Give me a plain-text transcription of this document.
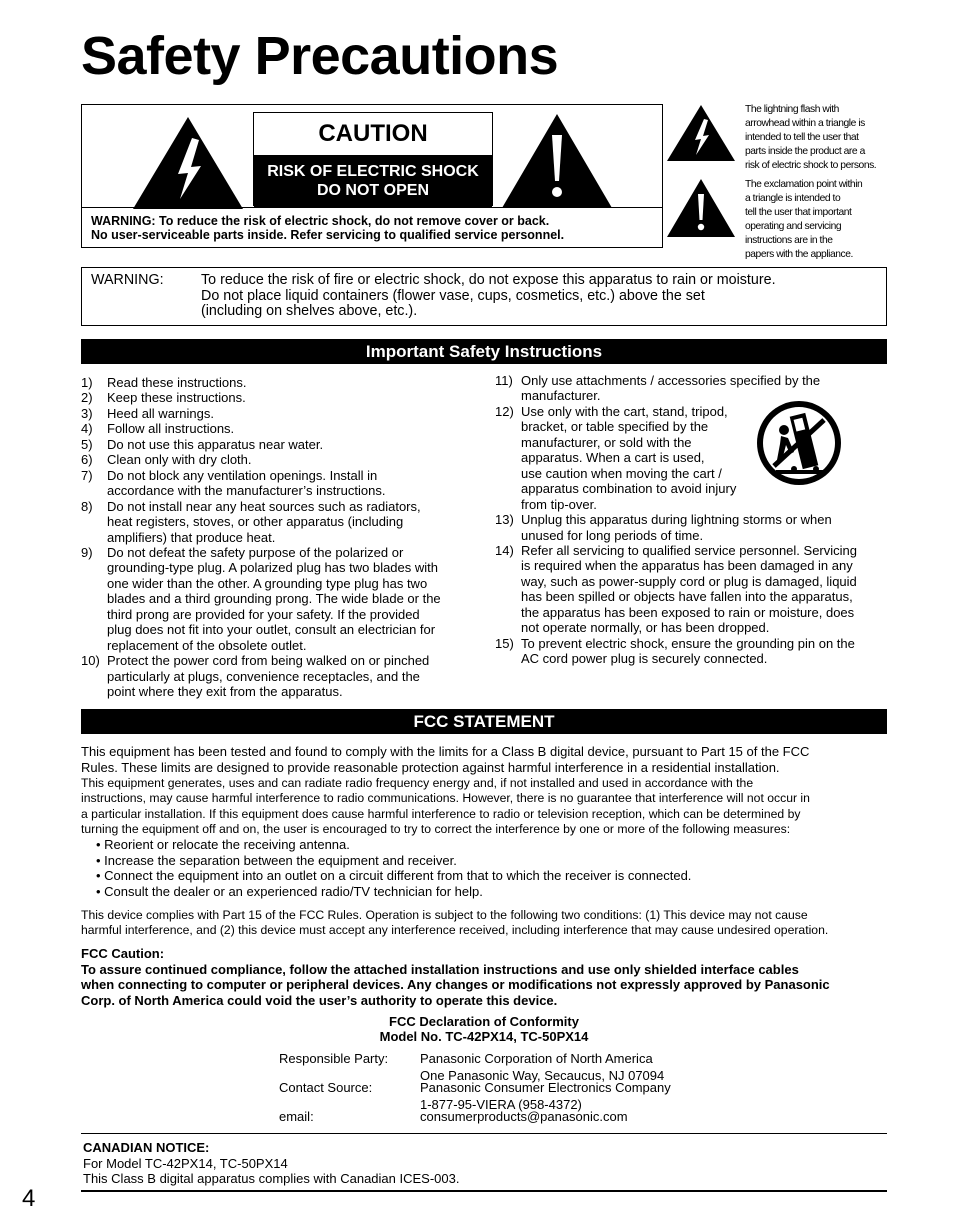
Safety Precautions
CAUTION
RISK OF ELECTRIC SHOCK
DO NOT OPEN
WARNING: To reduce the risk of electric shock, do not remove cover or back.
No user-serviceable parts inside. Refer servicing to qualified service personnel.
The lightning flash with
arrowhead within a triangle is
intended to tell the user that
parts inside the product are a
risk of electric shock to persons.
The exclamation point within
a triangle is intended to
tell the user that important
operating and servicing
instructions are in the
papers with the appliance.
WARNING:	To reduce the risk of fire or electric shock, do not expose this apparatus to rain or moisture.
Do not place liquid containers (flower vase, cups, cosmetics, etc.) above the set
(including on shelves above, etc.).
Important Safety Instructions
1)	Read these instructions.
2)	Keep these instructions.
3)	Heed all warnings.
4)	Follow all instructions.
5)	Do not use this apparatus near water.
6)	Clean only with dry cloth.
7)	Do not block any ventilation openings. Install in
accordance with the manufacturer’s instructions.
8)	Do not install near any heat sources such as radiators,
heat registers, stoves, or other apparatus (including
amplifiers) that produce heat.
9)	Do not defeat the safety purpose of the polarized or
grounding-type plug. A polarized plug has two blades with
one wider than the other. A grounding type plug has two
blades and a third grounding prong. The wide blade or the
third prong are provided for your safety. If the provided
plug does not fit into your outlet, consult an electrician for
replacement of the obsolete outlet.
10) Protect the power cord from being walked on or pinched
particularly at plugs, convenience receptacles, and the
point where they exit from the apparatus.
11) Only use attachments / accessories specified by the
manufacturer.
12) Use only with the cart, stand, tripod,
bracket, or table specified by the
manufacturer, or sold with the
apparatus. When a cart is used,
use caution when moving the cart /
apparatus combination to avoid injury
from tip-over.
13) Unplug this apparatus during lightning storms or when
unused for long periods of time.
14) Refer all servicing to qualified service personnel. Servicing
is required when the apparatus has been damaged in any
way, such as power-supply cord or plug is damaged, liquid
has been spilled or objects have fallen into the apparatus,
the apparatus has been exposed to rain or moisture, does
not operate normally, or has been dropped.
15) To prevent electric shock, ensure the grounding pin on the
AC cord power plug is securely connected.
FCC STATEMENT

This equipment has been tested and found to comply with the limits for a Class B digital device, pursuant to Part 15 of the FCC

Rules. These limits are designed to provide reasonable protection against harmful interference in a residential installation.

This equipment generates, uses and can radiate radio frequency energy and, if not installed and used in accordance with the

instructions, may cause harmful interference to radio communications. However, there is no guarantee that interference will not occur in

a particular installation. If this equipment does cause harmful interference to radio or television reception, which can be determined by

turning the equipment off and on, the user is encouraged to try to correct the interference by one or more of the following measures:

• Reorient or relocate the receiving antenna.
• Increase the separation between the equipment and receiver.
• Connect the equipment into an outlet on a circuit different from that to which the receiver is connected.
• Consult the dealer or an experienced radio/TV technician for help.

This device complies with Part 15 of the FCC Rules. Operation is subject to the following two conditions: (1) This device may not cause

harmful interference, and (2) this device must accept any interference received, including interference that may cause undesired operation.

FCC Caution:
To assure continued compliance, follow the attached installation instructions and use only shielded interface cables
when connecting to computer or peripheral devices. Any changes or modifications not expressly approved by Panasonic
Corp. of North America could void the user’s authority to operate this device.
FCC Declaration of Conformity
Model No. TC-42PX14, TC-50PX14
Responsible Party: Panasonic Corporation of North America
One Panasonic Way, Secaucus, NJ 07094
Contact Source:	Panasonic Consumer Electronics Company
1-877-95-VIERA (958-4372)
email:	consumerproducts@panasonic.com
CANADIAN NOTICE:
For Model TC-42PX14, TC-50PX14
This Class B digital apparatus complies with Canadian ICES-003.
4
